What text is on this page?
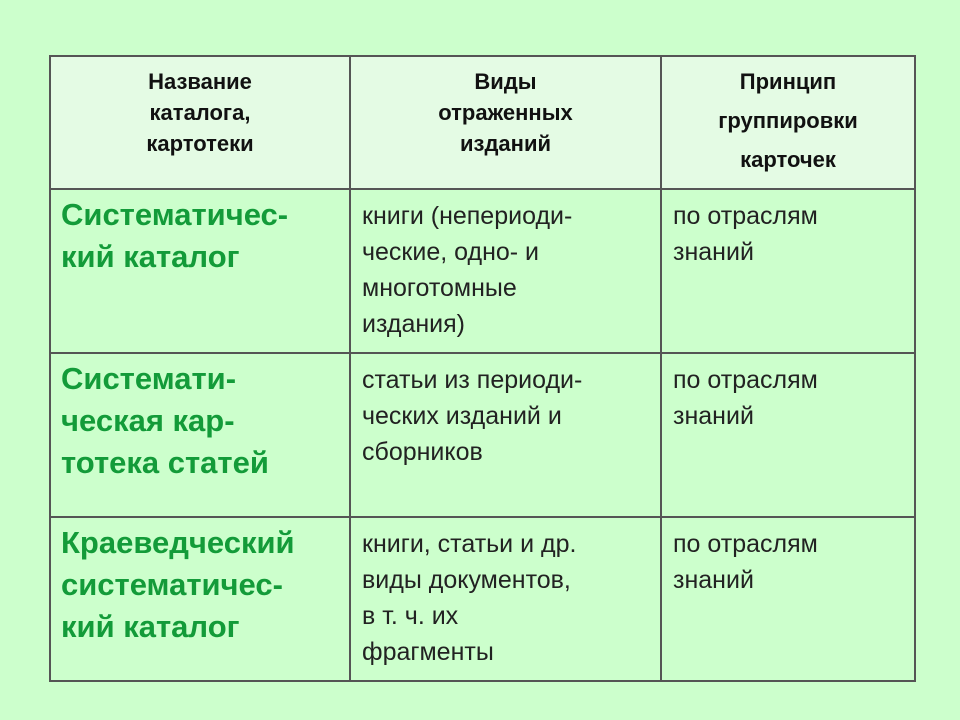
Название
каталога,
картотеки	Виды
отраженных
изданий	Принцип
группировки
карточек

Систематичес-
кий каталог	книги (непериоди-
ческие, одно- и
многотомные
издания)	по отраслям
знаний

Системати-
ческая кар-
тотека статей	статьи из периоди-
ческих изданий и
сборников	по отраслям
знаний

Краеведческий
систематичес-
кий каталог	книги, статьи и др.
виды документов,
в т. ч. их
фрагменты	по отраслям
знаний
